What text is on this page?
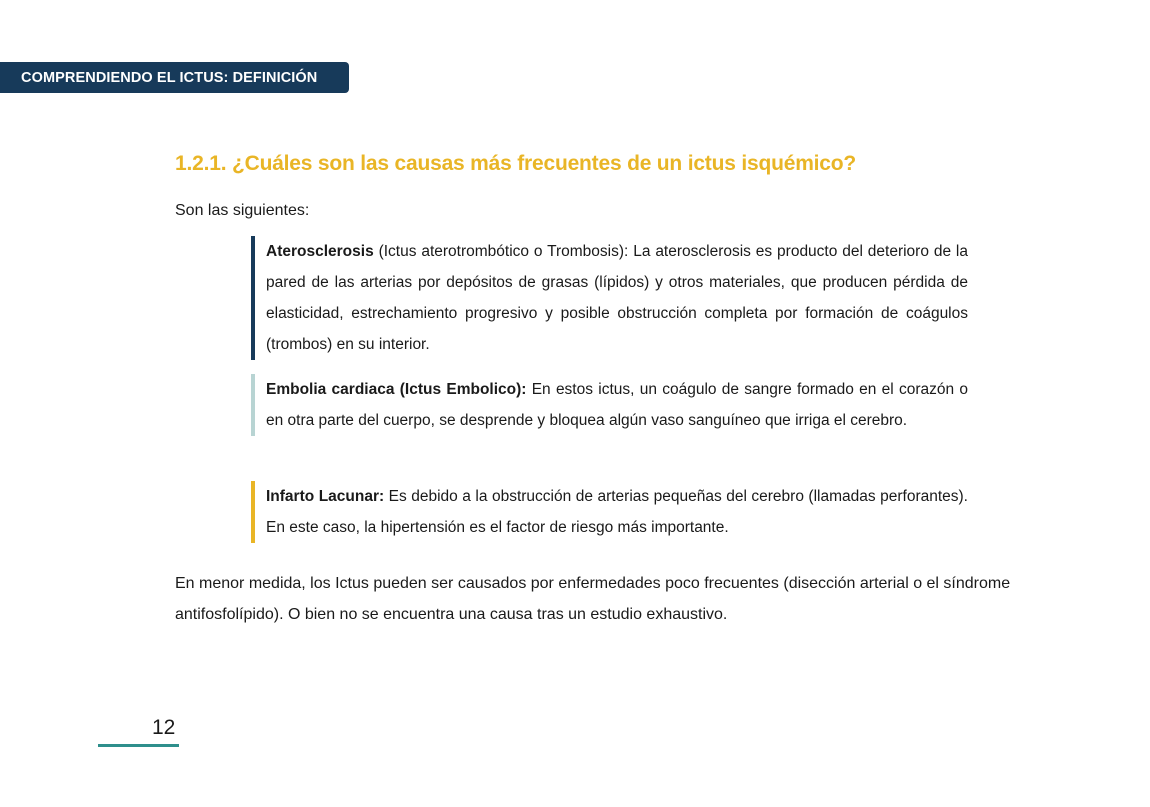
COMPRENDIENDO EL ICTUS: DEFINICIÓN
1.2.1. ¿Cuáles son las causas más frecuentes de un ictus isquémico?

Son las siguientes:

Aterosclerosis (Ictus aterotrombótico o Trombosis): La aterosclerosis es producto del deterioro de la pared de las arterias por depósitos de grasas (lípidos) y otros materiales, que producen pérdida de elasticidad, estrechamiento progresivo y posible obstrucción completa por formación de coágulos (trombos) en su interior.

Embolia cardiaca (Ictus Embolico): En estos ictus, un coágulo de sangre formado en el corazón o en otra parte del cuerpo, se desprende y bloquea algún vaso sanguíneo que irriga el cerebro.

Infarto Lacunar: Es debido a la obstrucción de arterias pequeñas del cerebro (llamadas perforantes). En este caso, la hipertensión es el factor de riesgo más importante.

En menor medida, los Ictus pueden ser causados por enfermedades poco frecuentes (disección arterial o el síndrome antifosfolípido). O bien no se encuentra una causa tras un estudio exhaustivo.

12
